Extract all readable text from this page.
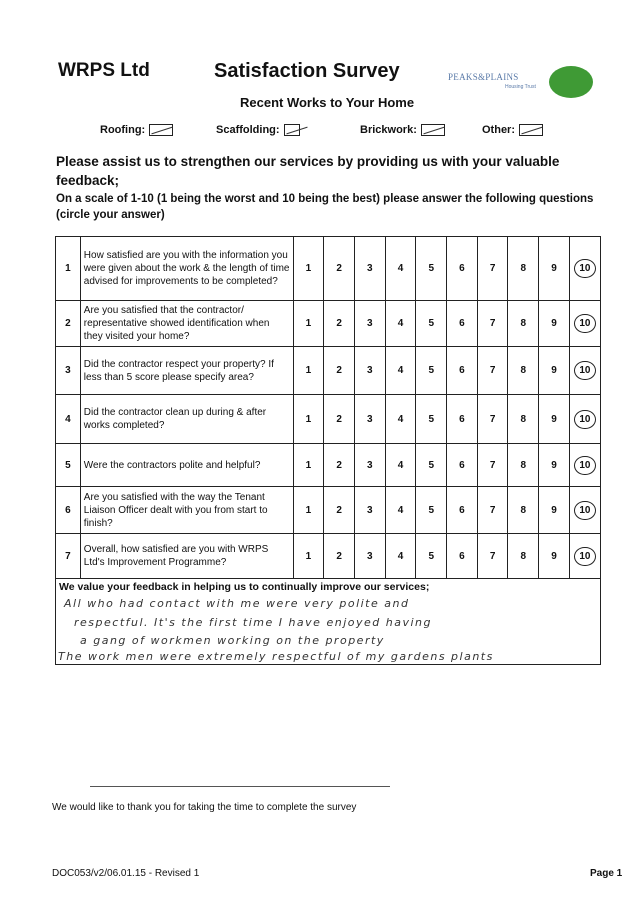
WRPS Ltd	Satisfaction Survey	PEAKS&PLAINS
Housing Trust
Recent Works to Your Home
Roofing:	Scaffolding:	Brickwork:	Other:
Please assist us to strengthen our services by providing us with your valuable feedback;
On a scale of 1-10 (1 being the worst and 10 being the best) please answer the following questions (circle your answer)
1	How satisfied are you with the information you were given about the work & the length of time advised for improvements to be completed?	1	2	3	4	5	6	7	8	9	10
2	Are you satisfied that the contractor/ representative showed identification when they visited your home?	1	2	3	4	5	6	7	8	9	10
3	Did the contractor respect your property? If less than 5 score please specify area?	1	2	3	4	5	6	7	8	9	10
4	Did the contractor clean up during & after works completed?	1	2	3	4	5	6	7	8	9	10
5	Were the contractors polite and helpful?	1	2	3	4	5	6	7	8	9	10
6	Are you satisfied with the way the Tenant Liaison Officer dealt with you from start to finish?	1	2	3	4	5	6	7	8	9	10
7	Overall, how satisfied are you with WRPS Ltd's Improvement Programme?	1	2	3	4	5	6	7	8	9	10
We value your feedback in helping us to continually improve our services;
All who had contact with me were very polite and
respectful. It's the first time I have enjoyed having
a gang of workmen working on the property
The work men were extremely respectful of my gardens plants
We would like to thank you for taking the time to complete the survey
DOC053/v2/06.01.15 - Revised 1	Page 1
